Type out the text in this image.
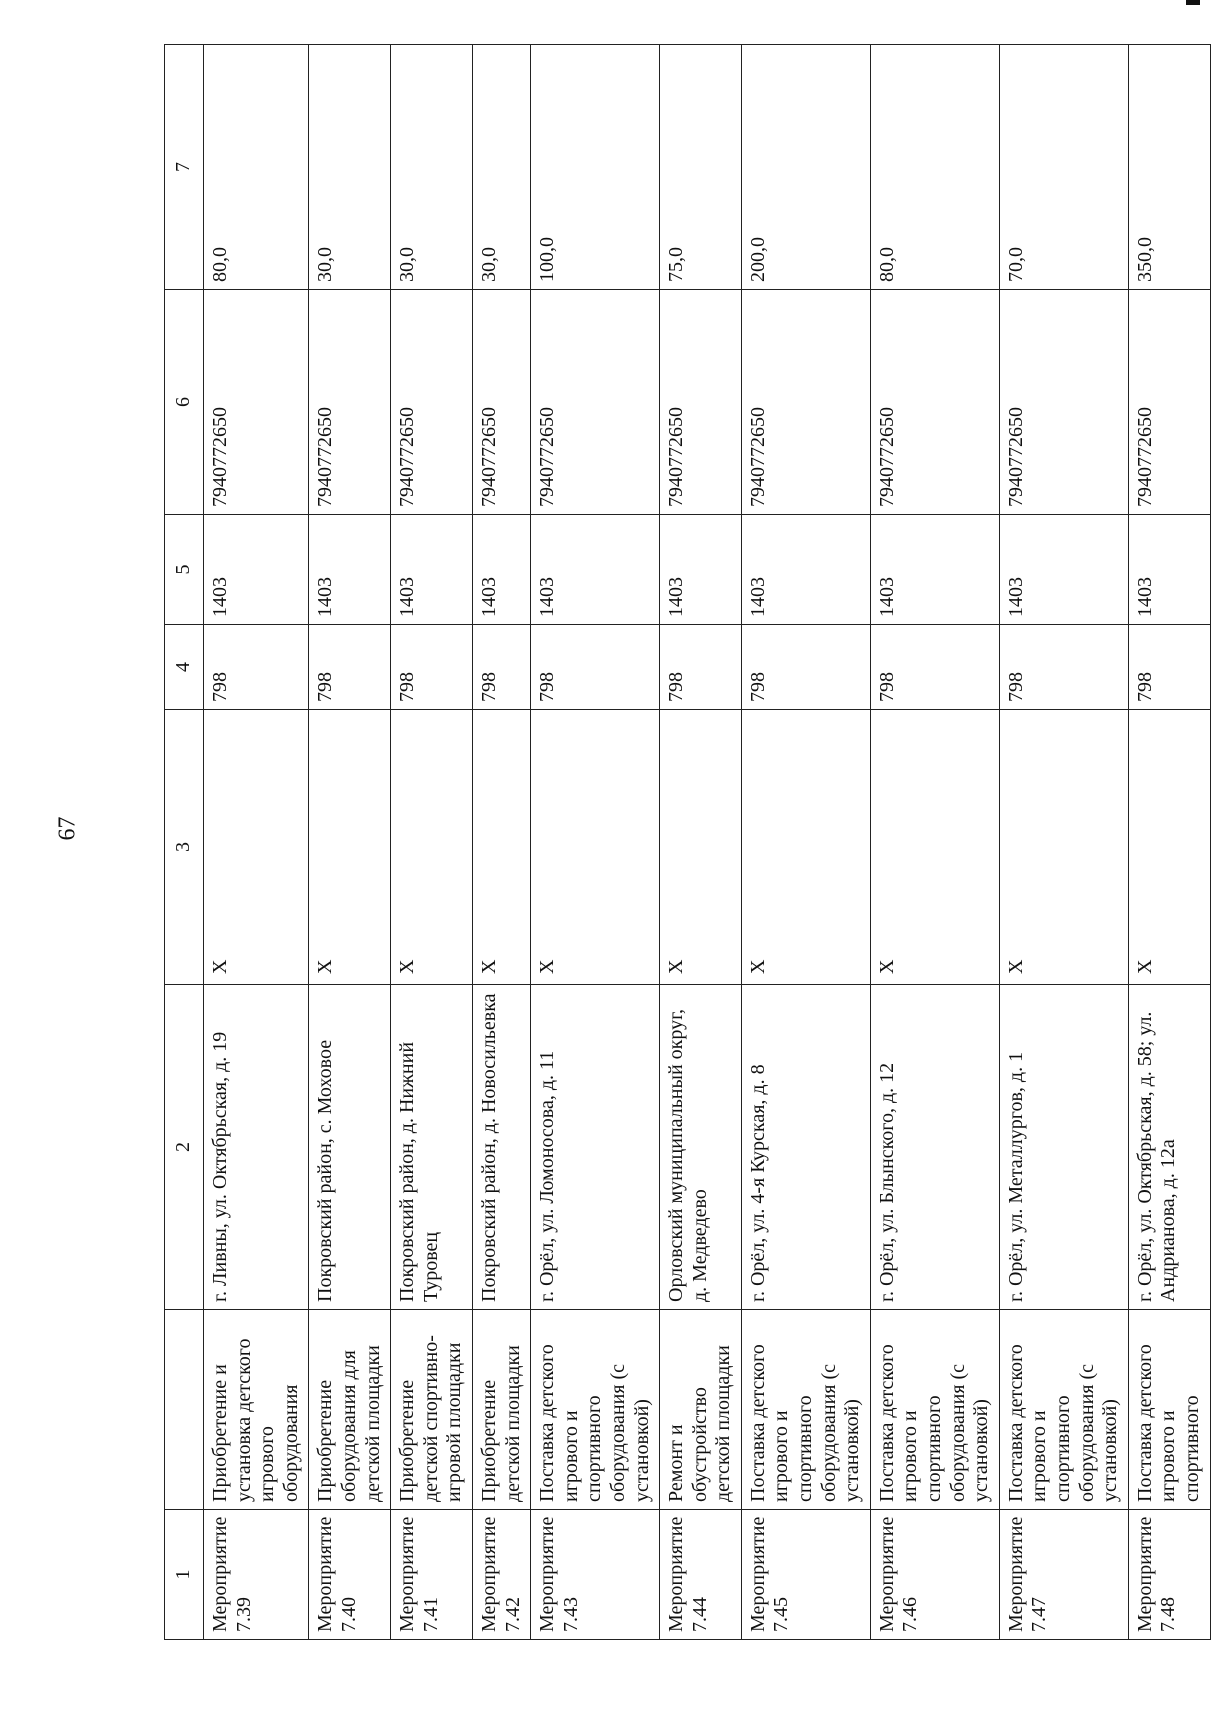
67
1		2	3	4	5	6	7
Мероприятие 7.39	Приобретение и установка детского игрового оборудования	г. Ливны, ул. Октябрьская, д. 19	Х	798	1403	7940772650	80,0
Мероприятие 7.40	Приобретение оборудования для детской площадки	Покровский район, с. Моховое	Х	798	1403	7940772650	30,0
Мероприятие 7.41	Приобретение детской спортивно-игровой площадки	Покровский район, д. Нижний Туровец	Х	798	1403	7940772650	30,0
Мероприятие 7.42	Приобретение детской площадки	Покровский район, д. Новосильевка	Х	798	1403	7940772650	30,0
Мероприятие 7.43	Поставка детского игрового и спортивного оборудования (с установкой)	г. Орёл, ул. Ломоносова, д. 11	Х	798	1403	7940772650	100,0
Мероприятие 7.44	Ремонт и обустройство детской площадки	Орловский муниципальный округ, д. Медведево	Х	798	1403	7940772650	75,0
Мероприятие 7.45	Поставка детского игрового и спортивного оборудования (с установкой)	г. Орёл, ул. 4-я Курская, д. 8	Х	798	1403	7940772650	200,0
Мероприятие 7.46	Поставка детского игрового и спортивного оборудования (с установкой)	г. Орёл, ул. Блынского, д. 12	Х	798	1403	7940772650	80,0
Мероприятие 7.47	Поставка детского игрового и спортивного оборудования (с установкой)	г. Орёл, ул. Металлургов, д. 1	Х	798	1403	7940772650	70,0
Мероприятие 7.48	Поставка детского игрового и спортивного	г. Орёл, ул. Октябрьская, д. 58; ул. Андрианова, д. 12а	Х	798	1403	7940772650	350,0
